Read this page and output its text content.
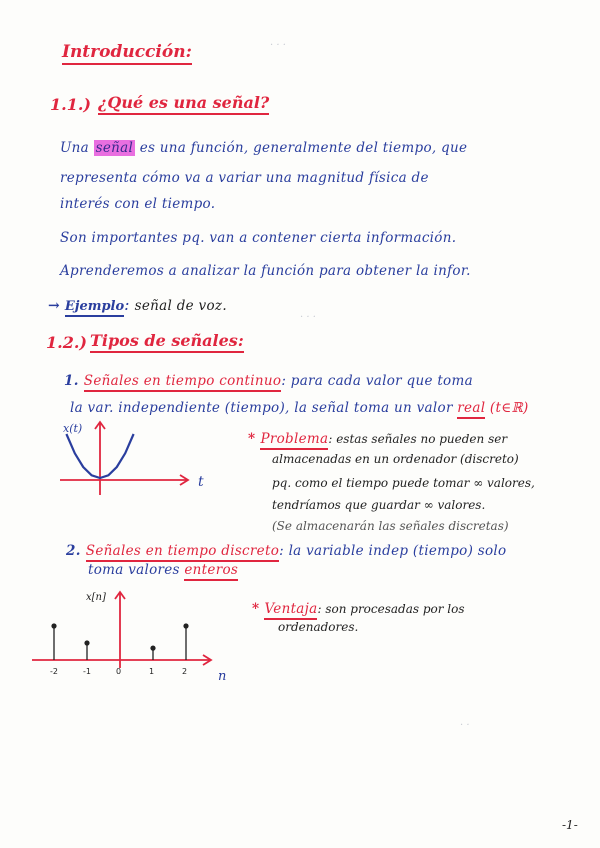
· · ·
· · ·
· ·
Introducción:
1.1.) ¿Qué es una señal?
Una señal es una función, generalmente del tiempo, que
representa cómo va a variar una magnitud física de
interés con el tiempo.
Son importantes pq. van a contener cierta información.
Aprenderemos a analizar la función para obtener la infor.
→ Ejemplo: señal de voz.
1.2.) Tipos de señales:
1. Señales en tiempo continuo: para cada valor que toma
la var. independiente (tiempo), la señal toma un valor real (t∈ℝ)
x(t)
t
* Problema: estas señales no pueden ser
almacenadas en un ordenador (discreto)
pq. como el tiempo puede tomar ∞ valores,
tendríamos que guardar ∞ valores.
(Se almacenarán las señales discretas)
2. Señales en tiempo discreto: la variable indep (tiempo) solo
toma valores enteros
-2	-1	0	1	2
x[n]
n
* Ventaja: son procesadas por los
ordenadores.
-1-
